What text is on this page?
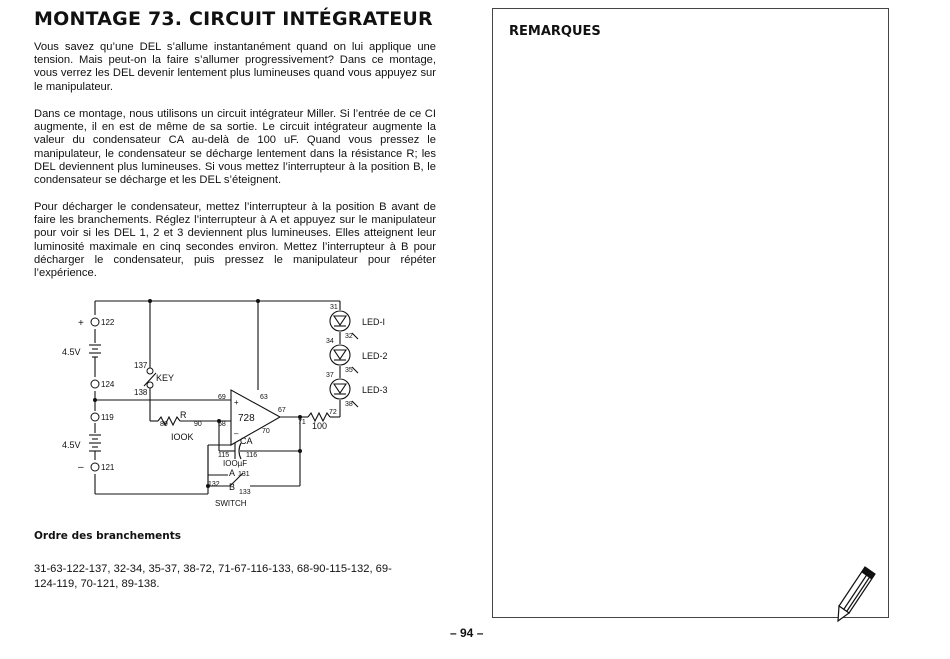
MONTAGE 73. CIRCUIT INTÉGRATEUR

Vous savez qu’une DEL s’allume instantanément quand on lui applique une tension. Mais peut-on la faire s’allumer progressivement? Dans ce montage, vous verrez les DEL devenir lentement plus lumineuses quand vous appuyez sur le manipulateur.

Dans ce montage, nous utilisons un circuit intégrateur Miller. Si l’entrée de ce CI augmente, il en est de même de sa sortie. Le circuit intégrateur augmente la valeur du condensateur CA au-delà de 100 uF. Quand vous pressez le manipulateur, le condensateur se décharge lentement dans la résistance R; les DEL deviennent plus lumineuses. Si vous mettez l’interrupteur à la position B, le condensateur se décharge et les DEL s’éteignent.

Pour décharger le condensateur, mettez l’interrupteur à la position B avant de faire les branchements. Réglez l’interrupteur à A et appuyez sur le manipulateur pour voir si les DEL 1, 2 et 3 deviennent plus lumineuses. Elles atteignent leur luminosité maximale en cinq secondes environ. Mettez l’interrupteur à B pour décharger le condensateur, puis pressez le manipulateur pour répéter l’expérience.

+ 122
4.5V
124
119
4.5V
– 121
137
KEY
138
R
89	90
IOOK
68
69	63
67
70
728
+
–
CA
115 116
IOOµF
A 131
132 B
133
SWITCH
71
72
100
31
32
34
35
37
38
LED-I
LED-2
LED-3
Ordre des branchements
31-63-122-137, 32-34, 35-37, 38-72, 71-67-116-133, 68-90-115-132, 69-124-119, 70-121, 89-138.
REMARQUES
– 94 –
